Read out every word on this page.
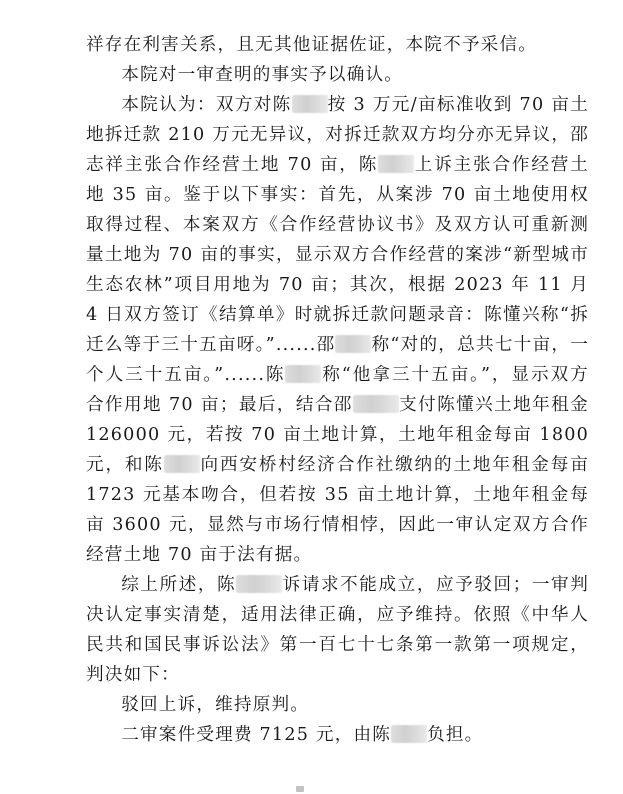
祥存在利害关系，且无其他证据佐证，本院不予采信。

本院对一审查明的事实予以确认。

本院认为：双方对陈 按 3 万元/亩标准收到 70 亩土地拆迁款 210 万元无异议，对拆迁款双方均分亦无异议，邵志祥主张合作经营土地 70 亩，陈 上诉主张合作经营土地 35 亩。鉴于以下事实：首先，从案涉 70 亩土地使用权取得过程、本案双方《合作经营协议书》及双方认可重新测量土地为 70 亩的事实，显示双方合作经营的案涉“新型城市生态农林”项目用地为 70 亩；其次，根据 2023 年 11 月 4 日双方签订《结算单》时就拆迁款问题录音：陈懂兴称“拆迁么等于三十五亩呀。”......邵 称“对的，总共七十亩，一个人三十五亩。”......陈 称“他拿三十五亩。”，显示双方合作用地 70 亩；最后，结合邵	支付陈懂兴土地年租金 126000 元，若按 70 亩土地计算，土地年租金每亩 1800 元，和陈 向西安桥村经济合作社缴纳的土地年租金每亩 1723 元基本吻合，但若按 35 亩土地计算，土地年租金每亩 3600 元，显然与市场行情相悖，因此一审认定双方合作经营土地 70 亩于法有据。

综上所述，陈	诉请求不能成立，应予驳回；一审判决认定事实清楚，适用法律正确，应予维持。依照《中华人民共和国民事诉讼法》第一百七十七条第一款第一项规定，判决如下：

驳回上诉，维持原判。

二审案件受理费 7125 元，由陈 负担。
